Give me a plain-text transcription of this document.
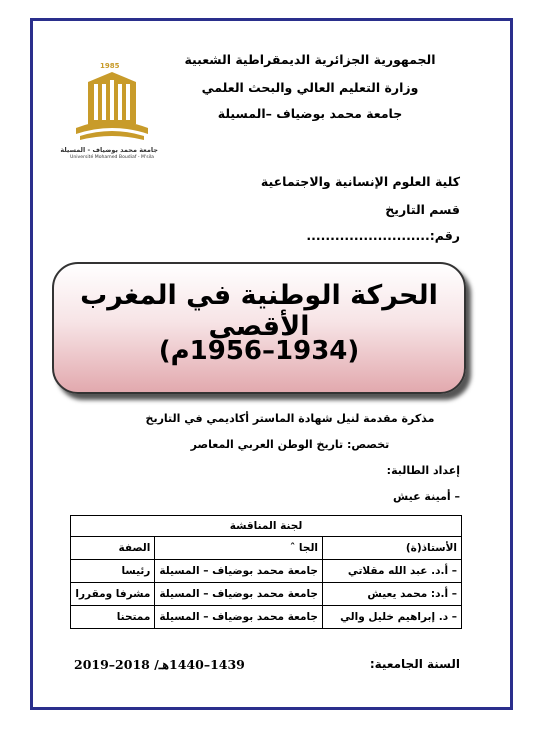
الجمهورية الجزائرية الديمقراطية الشعبية
وزارة التعليم العالي والبحث العلمي
جامعة محمد بوضياف –المسيلة
1985
جامعة محمد بوضياف - المسيلة
Université Mohamed Boudiaf - M'sila
كلية العلوم الإنسانية والاجتماعية
قسم التاريخ
رقم:..........................
الحركة الوطنية في المغرب الأقصى
(1934–1956م)
مذكرة مقدمة لنيل شهادة الماستر أكاديمي في التاريخ
تخصص: تاريخ الوطن العربي المعاصر
إعداد الطالبة:
– أمينة عيش
لجنة المناقشة		
الأستاذ(ة)	الجا ˆ	الصفة
– أ.د. عبد الله مقلاتي	جامعة محمد بوضياف – المسيلة	رئيسا
– أ.د: محمد يعيش	جامعة محمد بوضياف – المسيلة	مشرفا ومقررا
– د. إبراهيم خليل والي	جامعة محمد بوضياف – المسيلة	ممتحنا
السنة الجامعية:
1439–1440هـ/ 2018–2019
